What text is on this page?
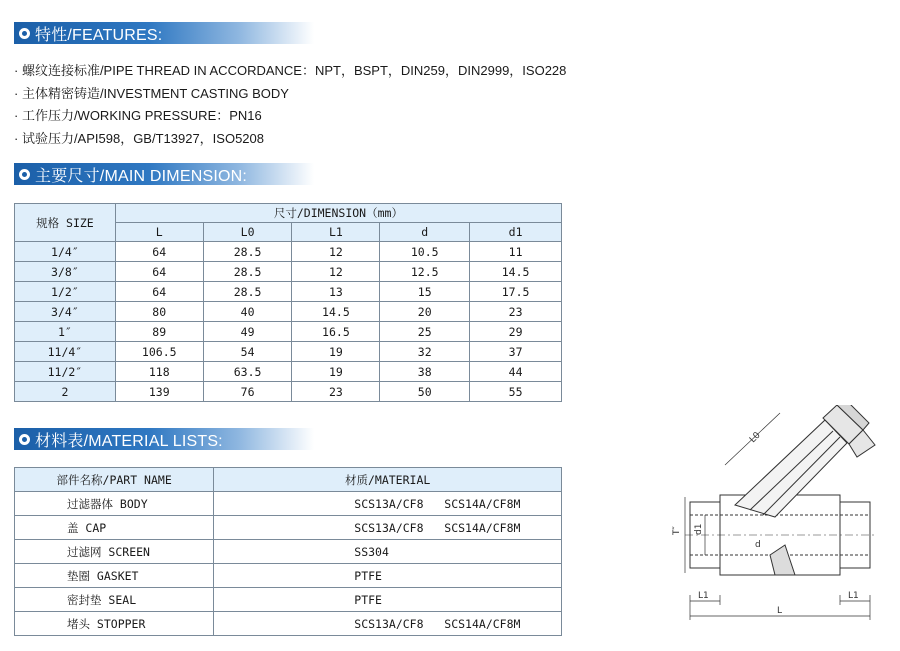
特性/FEATURES:
· 螺纹连接标准/PIPE THREAD IN ACCORDANCE：NPT，BSPT，DIN259，DIN2999，ISO228
· 主体精密铸造/INVESTMENT CASTING BODY
· 工作压力/WORKING PRESSURE：PN16
· 试验压力/API598，GB/T13927，ISO5208
主要尺寸/MAIN DIMENSION:
规格 SIZE	尺寸/DIMENSION（mm）				
	L	L0	L1	d	d1
1/4″	64	28.5	12	10.5	11
3/8″	64	28.5	12	12.5	14.5
1/2″	64	28.5	13	15	17.5
3/4″	80	40	14.5	20	23
1″	89	49	16.5	25	29
11/4″	106.5	54	19	32	37
11/2″	118	63.5	19	38	44
2	139	76	23	50	55
材料表/MATERIAL LISTS:
部件名称/PART NAME	材质/MATERIAL
过滤器体 BODY	SCS13A/CF8   SCS14A/CF8M
盖 CAP	SCS13A/CF8   SCS14A/CF8M
过滤网 SCREEN	SS304
垫圈 GASKET	PTFE
密封垫 SEAL	PTFE
堵头 STOPPER	SCS13A/CF8   SCS14A/CF8M
L0
T″ d1
d
L1	L1
L
